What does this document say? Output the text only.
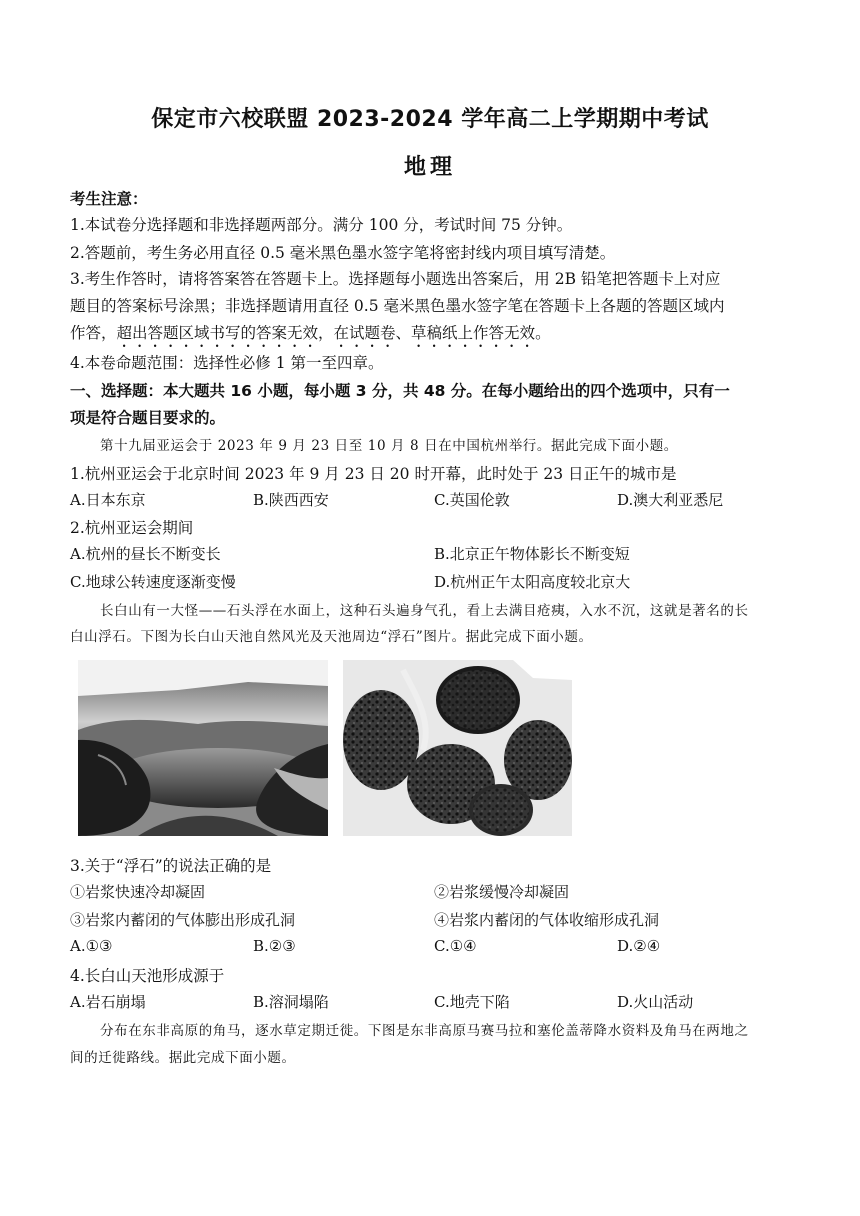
保定市六校联盟 2023-2024 学年高二上学期期中考试
地理
考生注意：
1.本试卷分选择题和非选择题两部分。满分 100 分，考试时间 75 分钟。
2.答题前，考生务必用直径 0.5 毫米黑色墨水签字笔将密封线内项目填写清楚。
3.考生作答时，请将答案答在答题卡上。选择题每小题选出答案后，用 2B 铅笔把答题卡上对应
题目的答案标号涂黑；非选择题请用直径 0.5 毫米黑色墨水签字笔在答题卡上各题的答题区域内
作答，超出答题区域书写的答案无效，在试题卷、草稿纸上作答无效。
4.本卷命题范围：选择性必修 1 第一至四章。
一、选择题：本大题共 16 小题，每小题 3 分，共 48 分。在每小题给出的四个选项中，只有一
项是符合题目要求的。
第十九届亚运会于 2023 年 9 月 23 日至 10 月 8 日在中国杭州举行。据此完成下面小题。
1.杭州亚运会于北京时间 2023 年 9 月 23 日 20 时开幕，此时处于 23 日正午的城市是
A.日本东京	B.陕西西安	C.英国伦敦	D.澳大利亚悉尼
2.杭州亚运会期间
A.杭州的昼长不断变长	B.北京正午物体影长不断变短
C.地球公转速度逐渐变慢	D.杭州正午太阳高度较北京大
长白山有一大怪——石头浮在水面上，这种石头遍身气孔，看上去满目疮痍，入水不沉，这就是著名的长
白山浮石。下图为长白山天池自然风光及天池周边“浮石”图片。据此完成下面小题。
3.关于“浮石”的说法正确的是
①岩浆快速冷却凝固	②岩浆缓慢冷却凝固
③岩浆内蓄闭的气体膨出形成孔洞	④岩浆内蓄闭的气体收缩形成孔洞
A.①③	B.②③	C.①④	D.②④
4.长白山天池形成源于
A.岩石崩塌	B.溶洞塌陷	C.地壳下陷	D.火山活动
分布在东非高原的角马，逐水草定期迁徙。下图是东非高原马赛马拉和塞伦盖蒂降水资料及角马在两地之
间的迁徙路线。据此完成下面小题。
